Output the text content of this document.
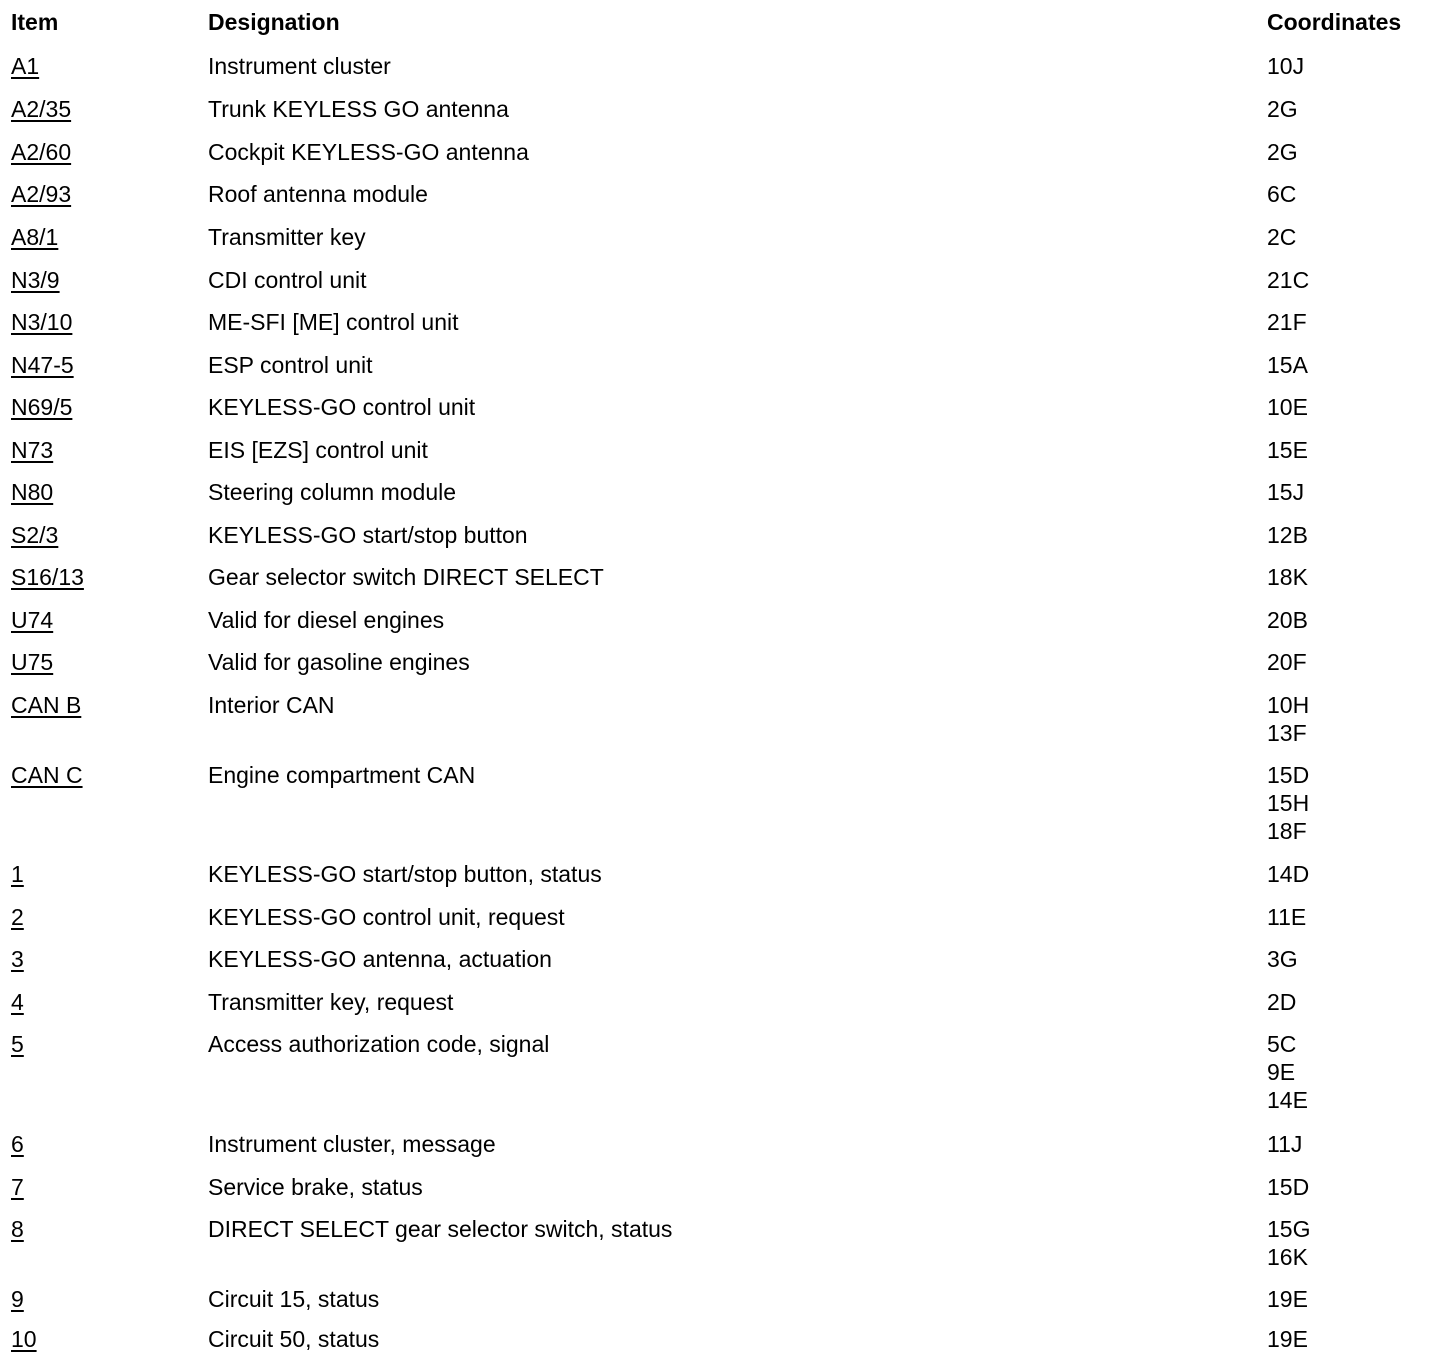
Item	Designation	Coordinates
A1	Instrument cluster	10J
A2/35	Trunk KEYLESS GO antenna	2G
A2/60	Cockpit KEYLESS-GO antenna	2G
A2/93	Roof antenna module	6C
A8/1	Transmitter key	2C
N3/9	CDI control unit	21C
N3/10	ME-SFI [ME] control unit	21F
N47-5	ESP control unit	15A
N69/5	KEYLESS-GO control unit	10E
N73	EIS [EZS] control unit	15E
N80	Steering column module	15J
S2/3	KEYLESS-GO start/stop button	12B
S16/13	Gear selector switch DIRECT SELECT	18K
U74	Valid for diesel engines	20B
U75	Valid for gasoline engines	20F
CAN B	Interior CAN	10H
13F
CAN C	Engine compartment CAN	15D
15H
18F
1	KEYLESS-GO start/stop button, status	14D
2	KEYLESS-GO control unit, request	11E
3	KEYLESS-GO antenna, actuation	3G
4	Transmitter key, request	2D
5	Access authorization code, signal	5C
9E
14E
6	Instrument cluster, message	11J
7	Service brake, status	15D
8	DIRECT SELECT gear selector switch, status	15G
16K
9	Circuit 15, status	19E
10	Circuit 50, status	19E
